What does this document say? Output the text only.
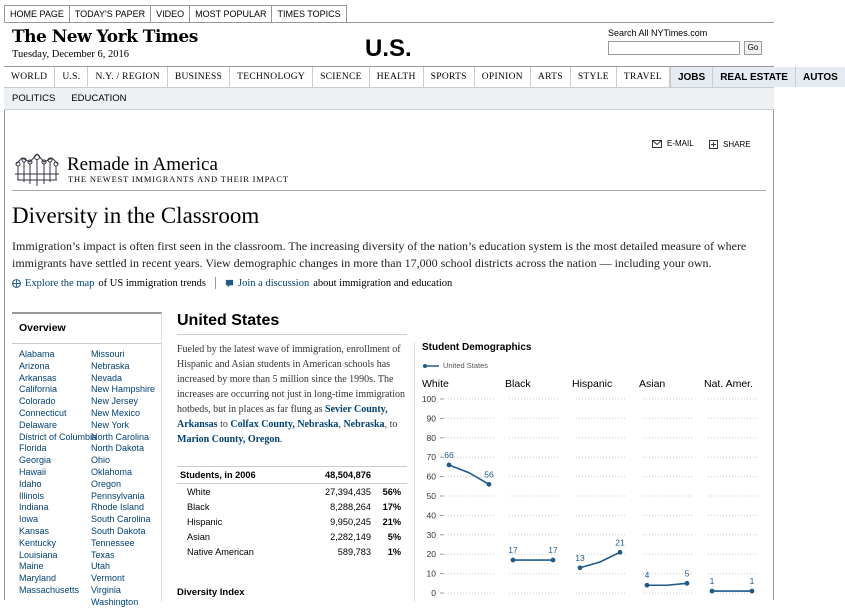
HOME PAGE	TODAY'S PAPER	VIDEO	MOST POPULAR	TIMES TOPICS
The New York Times
Tuesday, December 6, 2016	U.S.
Search All NYTimes.com
Go
WORLD	U.S.	N.Y. / REGION	BUSINESS	TECHNOLOGY	SCIENCE	HEALTH	SPORTS	OPINION	ARTS	STYLE	TRAVEL	JOBS	REAL ESTATE	AUTOS
POLITICS	EDUCATION
E-MAIL	SHARE
Remade in America
THE NEWEST IMMIGRANTS AND THEIR IMPACT
Diversity in the Classroom

Immigration’s impact is often first seen in the classroom. The increasing diversity of the nation’s education system is the most detailed measure of where immigrants have settled in recent years. View demographic changes in more than 17,000 school districts across the nation — including your own.

Explore the map of US immigration trends	Join a discussion about immigration and education
Overview
Alabama
Arizona
Arkansas
California
Colorado
Connecticut
Delaware
District of Columbia
Florida
Georgia
Hawaii
Idaho
Illinois
Indiana
Iowa
Kansas
Kentucky
Louisiana
Maine
Maryland
Massachusetts
Missouri
Nebraska
Nevada
New Hampshire
New Jersey
New Mexico
New York
North Carolina
North Dakota
Ohio
Oklahoma
Oregon
Pennsylvania
Rhode Island
South Carolina
South Dakota
Tennessee
Texas
Utah
Vermont
Virginia
Washington
United States

Fueled by the latest wave of immigration, enrollment of Hispanic and Asian students in American schools has increased by more than 5 million since the 1990s. The increases are occurring not just in long-time immigration hotbeds, but in places as far flung as Sevier County, Arkansas to Colfax County, Nebraska, Nebraska, to Marion County, Oregon.

Students, in 2006	48,504,876
White	27,394,435	56%
Black	8,288,264	17%
Hispanic	9,950,245	21%
Asian	2,282,149	5%
Native American	589,783	1%
Diversity Index
Student Demographics
United States
0
10
20
30
40
50
60
70
80
90
100
White
66
56
Black
17	17
Hispanic
13
21
Asian
4	5
Nat. Amer.
1	1
